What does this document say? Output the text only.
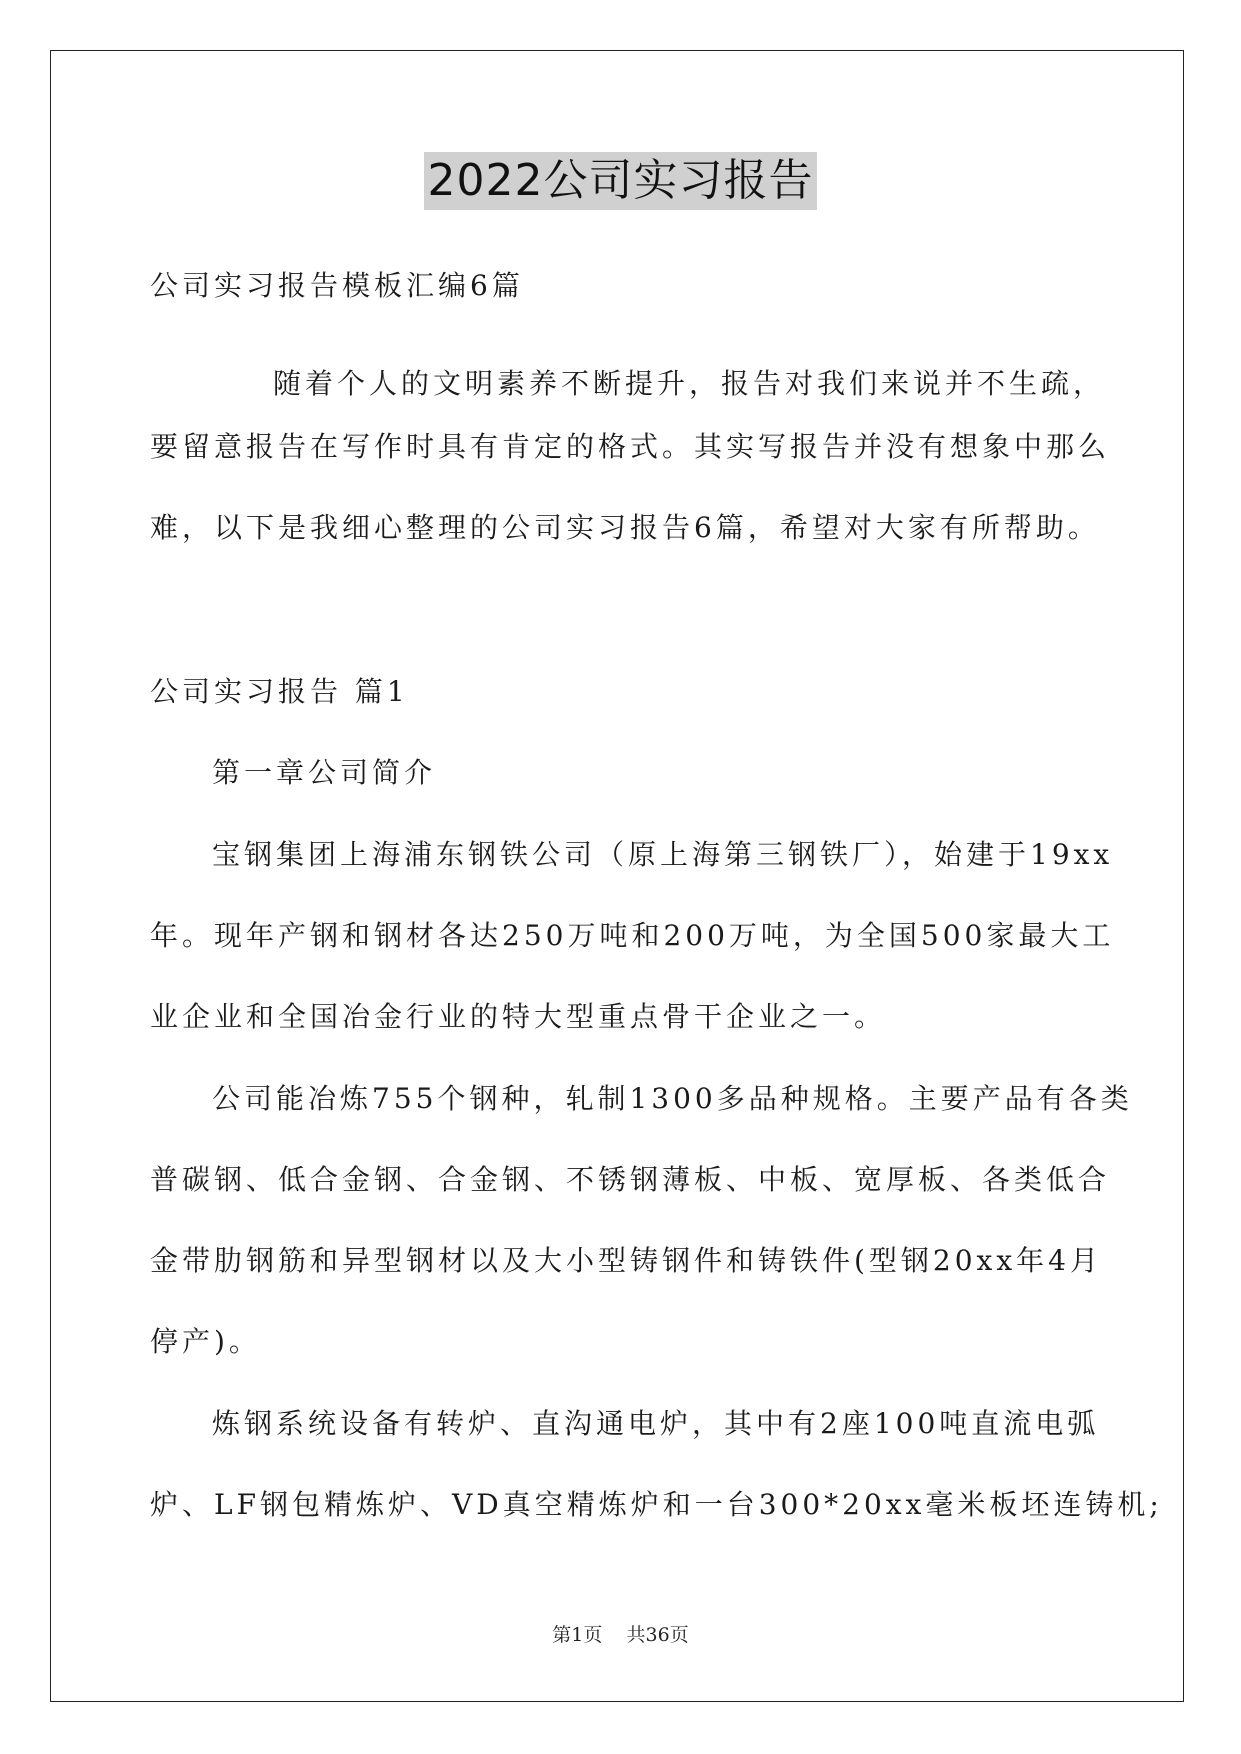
2022公司实习报告
公司实习报告模板汇编6篇
随着个人的文明素养不断提升，报告对我们来说并不生疏，
要留意报告在写作时具有肯定的格式。其实写报告并没有想象中那么
难，以下是我细心整理的公司实习报告6篇，希望对大家有所帮助。
公司实习报告 篇1
第一章公司简介
宝钢集团上海浦东钢铁公司（原上海第三钢铁厂），始建于19xx
年。现年产钢和钢材各达250万吨和200万吨，为全国500家最大工
业企业和全国冶金行业的特大型重点骨干企业之一。
公司能冶炼755个钢种，轧制1300多品种规格。主要产品有各类
普碳钢、低合金钢、合金钢、不锈钢薄板、中板、宽厚板、各类低合
金带肋钢筋和异型钢材以及大小型铸钢件和铸铁件(型钢20xx年4月
停产)。
炼钢系统设备有转炉、直沟通电炉，其中有2座100吨直流电弧
炉、LF钢包精炼炉、VD真空精炼炉和一台300*20xx毫米板坯连铸机;
第1页 共36页
